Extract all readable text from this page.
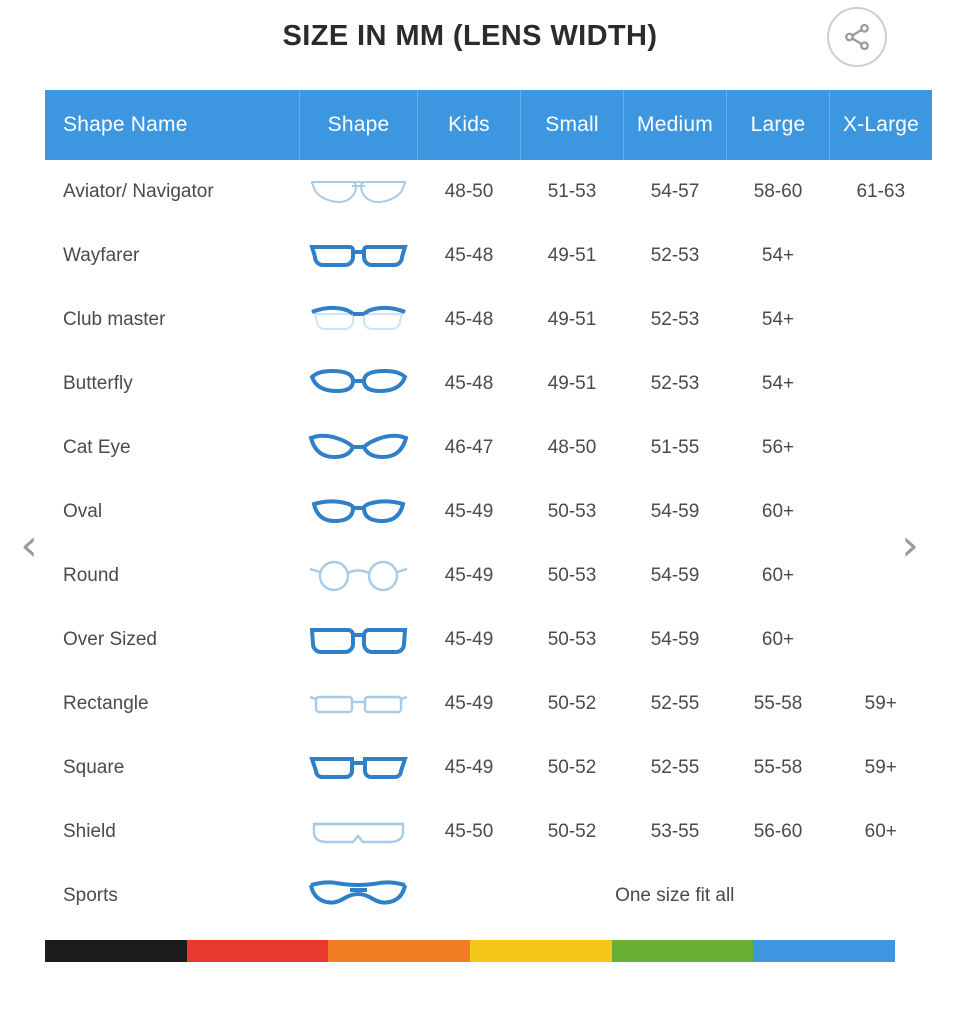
SIZE IN MM (LENS WIDTH)
Shape Name	Shape	Kids	Small	Medium	Large	X-Large
Aviator/ Navigator		48-50	51-53	54-57	58-60	61-63
Wayfarer		45-48	49-51	52-53	54+	
Club master		45-48	49-51	52-53	54+	
Butterfly		45-48	49-51	52-53	54+	
Cat Eye		46-47	48-50	51-55	56+	
Oval		45-49	50-53	54-59	60+	
Round		45-49	50-53	54-59	60+	
Over Sized		45-49	50-53	54-59	60+	
Rectangle		45-49	50-52	52-55	55-58	59+
Square		45-49	50-52	52-55	55-58	59+
Shield		45-50	50-52	53-55	56-60	60+
Sports		One size fit all				
‹	›
